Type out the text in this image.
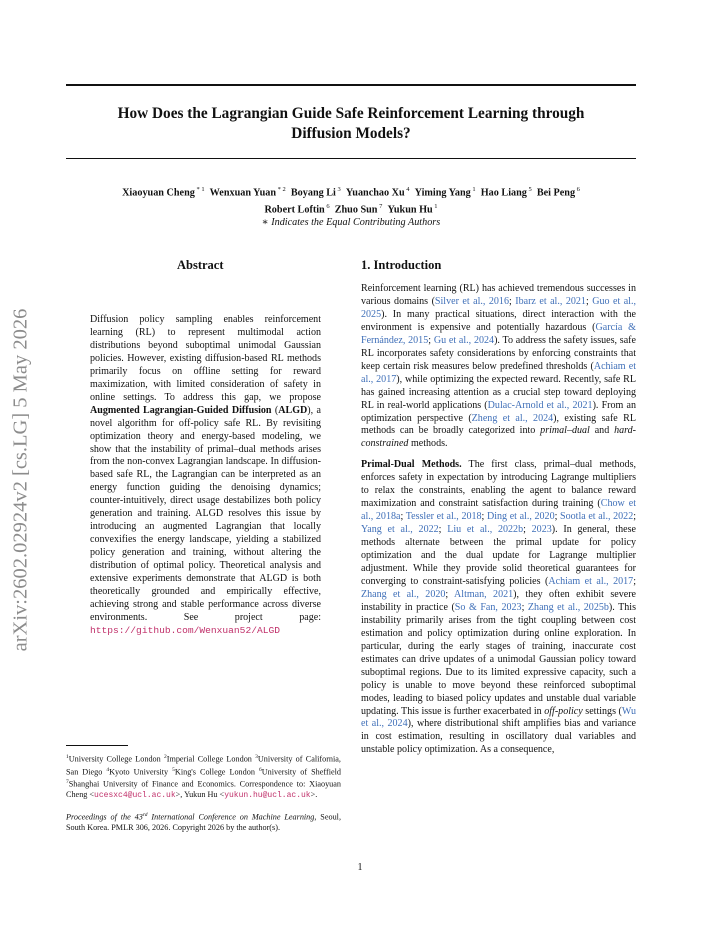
arXiv:2602.02924v2 [cs.LG] 5 May 2026
How Does the Lagrangian Guide Safe Reinforcement Learning through
Diffusion Models?
Xiaoyuan Cheng $^{* 1}$  Wenxuan Yuan $^{* 2}$  Boyang Li $^3$  Yuanchao Xu $^4$  Yiming Yang $^1$  Hao Liang $^5$  Bei Peng $^6$
Robert Loftin $^6$  Zhuo Sun $^7$  Yukun Hu $^1$
∗ Indicates the Equal Contributing Authors
Abstract

Diffusion policy sampling enables reinforcement learning (RL) to represent multimodal action distributions beyond suboptimal unimodal Gaussian policies. However, existing diffusion-based RL methods primarily focus on offline setting for reward maximization, with limited consideration of safety in online settings. To address this gap, we propose Augmented Lagrangian-Guided Diffusion (ALGD), a novel algorithm for off-policy safe RL. By revisiting optimization theory and energy-based modeling, we show that the instability of primal–dual methods arises from the non-convex Lagrangian landscape. In diffusion-based safe RL, the Lagrangian can be interpreted as an energy function guiding the denoising dynamics; counter-intuitively, direct usage destabilizes both policy generation and training. ALGD resolves this issue by introducing an augmented Lagrangian that locally convexifies the energy landscape, yielding a stabilized policy generation and training, without altering the distribution of optimal policy. Theoretical analysis and extensive experiments demonstrate that ALGD is both theoretically grounded and empirically effective, achieving strong and stable performance across diverse environments. See project page: https://github.com/Wenxuan52/ALGD

1. Introduction

Reinforcement learning (RL) has achieved tremendous successes in various domains (Silver et al., 2016; Ibarz et al., 2021; Guo et al., 2025). In many practical situations, direct interaction with the environment is expensive and potentially hazardous (García & Fernández, 2015; Gu et al., 2024). To address the safety issues, safe RL incorporates safety considerations by enforcing constraints that keep certain risk measures below predefined thresholds (Achiam et al., 2017), while optimizing the expected reward. Recently, safe RL has gained increasing attention as a crucial step toward deploying RL in real-world applications (Dulac-Arnold et al., 2021). From an optimization perspective (Zheng et al., 2024), existing safe RL methods can be broadly categorized into primal–dual and hard-constrained methods.

Primal-Dual Methods. The first class, primal–dual methods, enforces safety in expectation by introducing Lagrange multipliers to relax the constraints, enabling the agent to balance reward maximization and constraint satisfaction during training (Chow et al., 2018a; Tessler et al., 2018; Ding et al., 2020; Sootla et al., 2022; Yang et al., 2022; Liu et al., 2022b; 2023). In general, these methods alternate between the primal update for policy optimization and the dual update for Lagrange multiplier adjustment. While they provide solid theoretical guarantees for converging to constraint-satisfying policies (Achiam et al., 2017; Zhang et al., 2020; Altman, 2021), they often exhibit severe instability in practice (So & Fan, 2023; Zhang et al., 2025b). This instability primarily arises from the tight coupling between cost estimation and policy optimization during online exploration. In particular, during the early stages of training, inaccurate cost estimates can drive updates of a unimodal Gaussian policy toward suboptimal regions. Due to its limited expressive capacity, such a policy is unable to move beyond these reinforced suboptimal modes, leading to biased policy updates and unstable dual variable updating. This issue is further exacerbated in off-policy settings (Wu et al., 2024), where distributional shift amplifies bias and variance in cost estimation, resulting in oscillatory dual variables and unstable policy optimization. As a consequence,

$^1$University College London $^2$Imperial College London $^3$University of California, San Diego $^4$Kyoto University $^5$King's College London $^6$University of Sheffield $^7$Shanghai University of Finance and Economics. Correspondence to: Xiaoyuan Cheng <ucesxc4@ucl.ac.uk>, Yukun Hu <yukun.hu@ucl.ac.uk>.
Proceedings of the 43rd International Conference on Machine Learning, Seoul, South Korea. PMLR 306, 2026. Copyright 2026 by the author(s).
1
